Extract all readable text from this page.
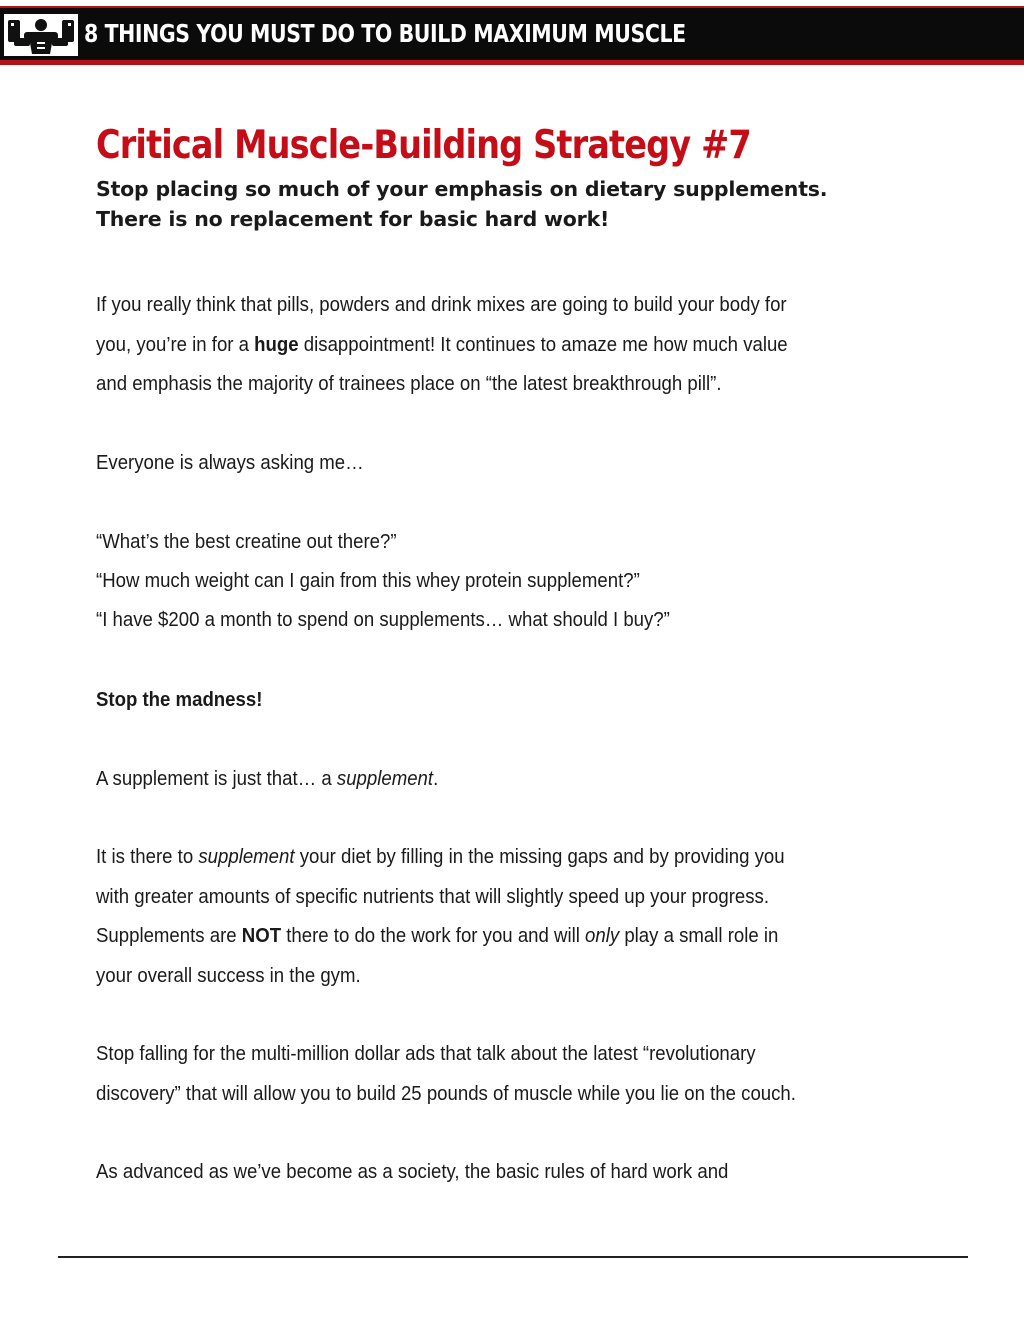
8 THINGS YOU MUST DO TO BUILD MAXIMUM MUSCLE
Critical Muscle-Building Strategy #7

Stop placing so much of your emphasis on dietary supplements.
There is no replacement for basic hard work!

If you really think that pills, powders and drink mixes are going to build your body for
you, you’re in for a huge disappointment! It continues to amaze me how much value
and emphasis the majority of trainees place on “the latest breakthrough pill”.
Everyone is always asking me…
“What’s the best creatine out there?”
“How much weight can I gain from this whey protein supplement?”
“I have $200 a month to spend on supplements… what should I buy?”
Stop the madness!
A supplement is just that… a supplement.
It is there to supplement your diet by filling in the missing gaps and by providing you
with greater amounts of specific nutrients that will slightly speed up your progress.
Supplements are NOT there to do the work for you and will only play a small role in
your overall success in the gym.
Stop falling for the multi-million dollar ads that talk about the latest “revolutionary
discovery” that will allow you to build 25 pounds of muscle while you lie on the couch.
As advanced as we’ve become as a society, the basic rules of hard work and
